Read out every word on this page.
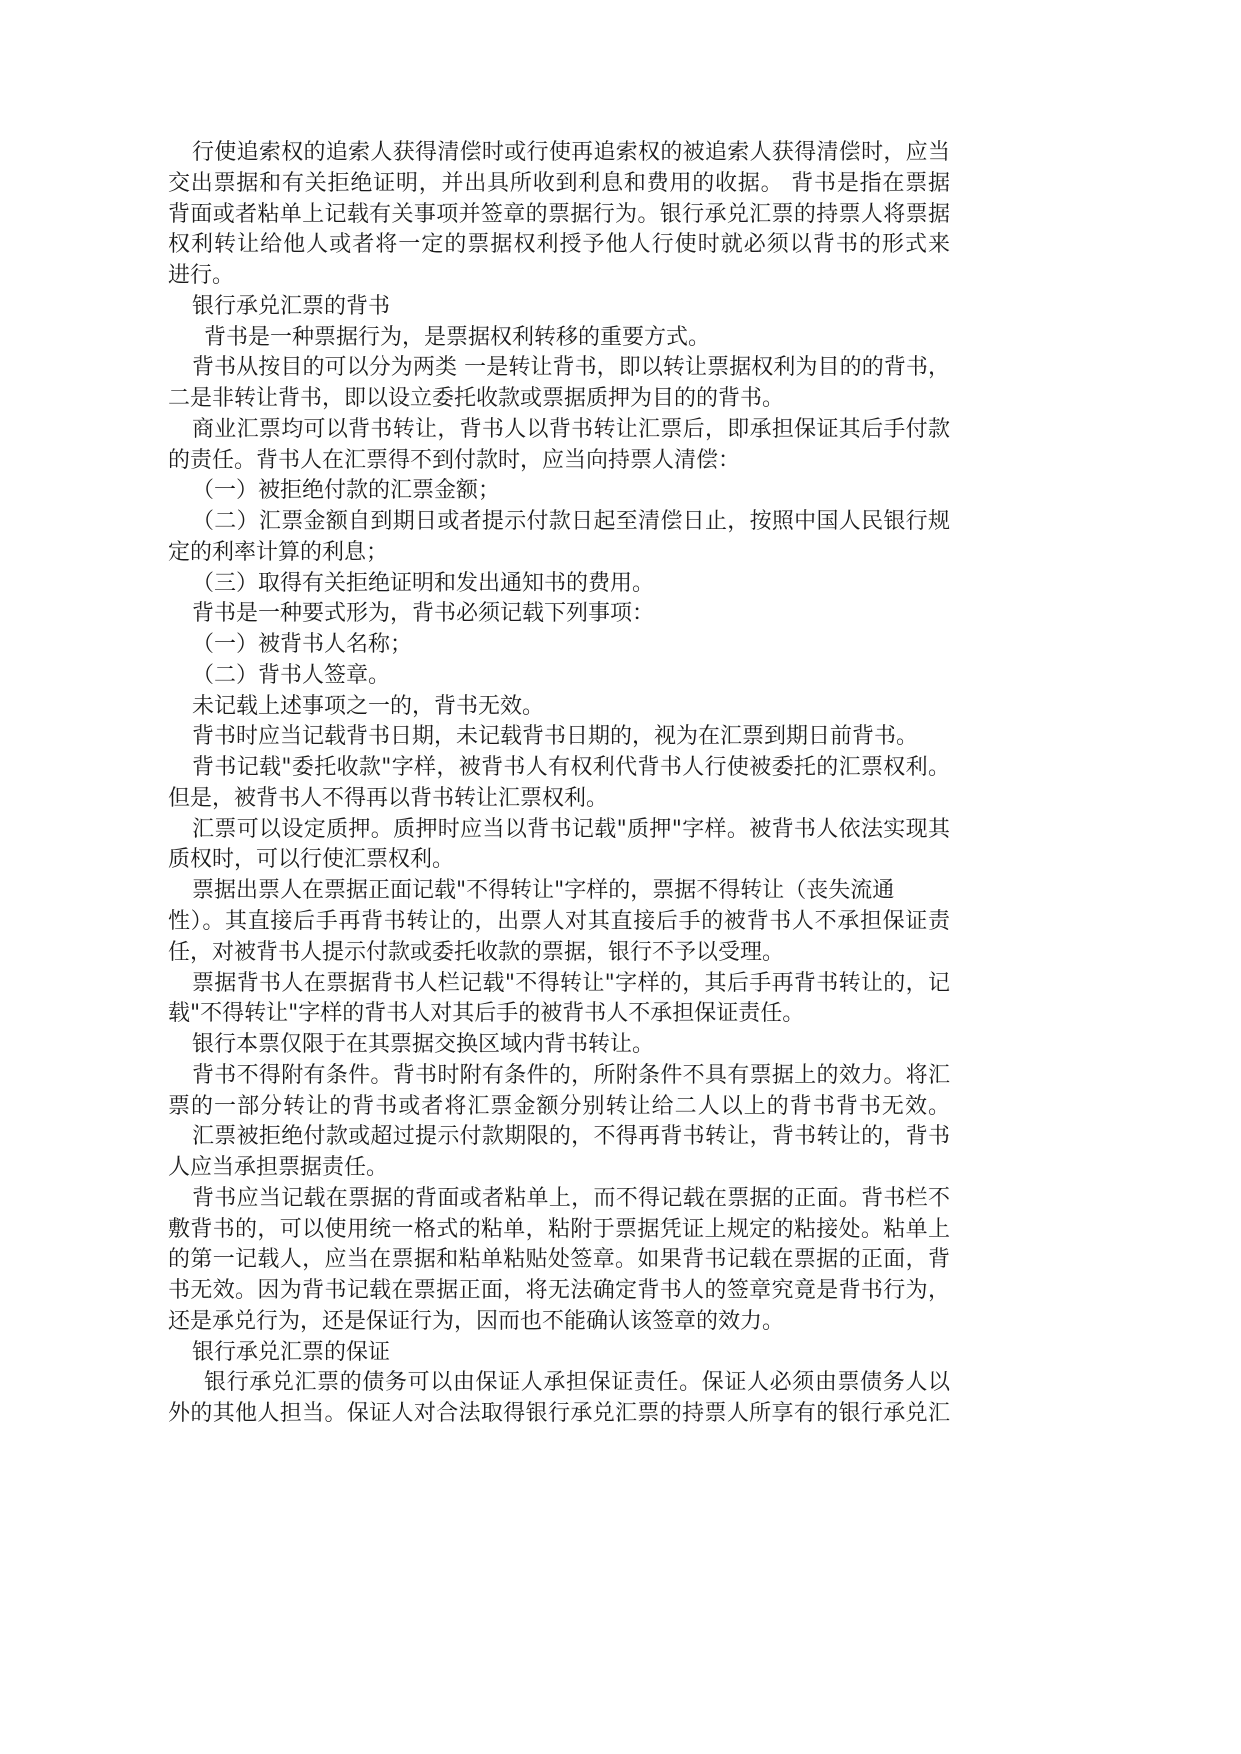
行使追索权的追索人获得清偿时或行使再追索权的被追索人获得清偿时，应当
交出票据和有关拒绝证明，并出具所收到利息和费用的收据。 背书是指在票据
背面或者粘单上记载有关事项并签章的票据行为。银行承兑汇票的持票人将票据
权利转让给他人或者将一定的票据权利授予他人行使时就必须以背书的形式来
进行。
银行承兑汇票的背书
背书是一种票据行为，是票据权利转移的重要方式。
背书从按目的可以分为两类 一是转让背书，即以转让票据权利为目的的背书，
二是非转让背书，即以设立委托收款或票据质押为目的的背书。
商业汇票均可以背书转让，背书人以背书转让汇票后，即承担保证其后手付款
的责任。背书人在汇票得不到付款时，应当向持票人清偿：
（一）被拒绝付款的汇票金额；
（二）汇票金额自到期日或者提示付款日起至清偿日止，按照中国人民银行规
定的利率计算的利息；
（三）取得有关拒绝证明和发出通知书的费用。
背书是一种要式形为，背书必须记载下列事项：
（一）被背书人名称；
（二）背书人签章。
未记载上述事项之一的，背书无效。
背书时应当记载背书日期，未记载背书日期的，视为在汇票到期日前背书。
背书记载"委托收款"字样，被背书人有权利代背书人行使被委托的汇票权利。
但是，被背书人不得再以背书转让汇票权利。
汇票可以设定质押。质押时应当以背书记载"质押"字样。被背书人依法实现其
质权时，可以行使汇票权利。
票据出票人在票据正面记载"不得转让"字样的，票据不得转让（丧失流通
性）。其直接后手再背书转让的，出票人对其直接后手的被背书人不承担保证责
任，对被背书人提示付款或委托收款的票据，银行不予以受理。
票据背书人在票据背书人栏记载"不得转让"字样的，其后手再背书转让的，记
载"不得转让"字样的背书人对其后手的被背书人不承担保证责任。
银行本票仅限于在其票据交换区域内背书转让。
背书不得附有条件。背书时附有条件的，所附条件不具有票据上的效力。将汇
票的一部分转让的背书或者将汇票金额分别转让给二人以上的背书背书无效。
汇票被拒绝付款或超过提示付款期限的，不得再背书转让，背书转让的，背书
人应当承担票据责任。
背书应当记载在票据的背面或者粘单上，而不得记载在票据的正面。背书栏不
敷背书的，可以使用统一格式的粘单，粘附于票据凭证上规定的粘接处。粘单上
的第一记载人，应当在票据和粘单粘贴处签章。如果背书记载在票据的正面，背
书无效。因为背书记载在票据正面，将无法确定背书人的签章究竟是背书行为，
还是承兑行为，还是保证行为，因而也不能确认该签章的效力。
银行承兑汇票的保证
银行承兑汇票的债务可以由保证人承担保证责任。保证人必须由票债务人以
外的其他人担当。保证人对合法取得银行承兑汇票的持票人所享有的银行承兑汇
